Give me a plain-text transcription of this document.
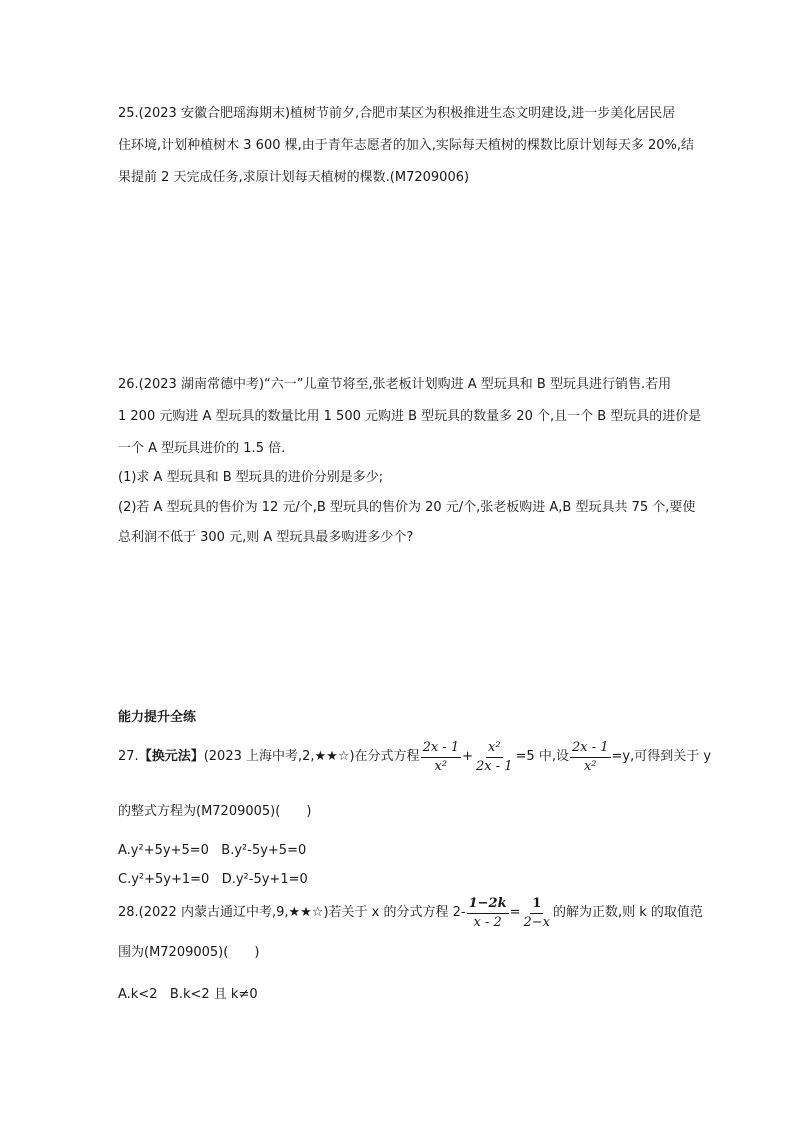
25.(2023 安徽合肥瑶海期末)植树节前夕,合肥市某区为积极推进生态文明建设,进一步美化居民居
住环境,计划种植树木 3 600 棵,由于青年志愿者的加入,实际每天植树的棵数比原计划每天多 20%,结
果提前 2 天完成任务,求原计划每天植树的棵数.(M7209006)
26.(2023 湖南常德中考)“六一”儿童节将至,张老板计划购进 A 型玩具和 B 型玩具进行销售.若用
1 200 元购进 A 型玩具的数量比用 1 500 元购进 B 型玩具的数量多 20 个,且一个 B 型玩具的进价是
一个 A 型玩具进价的 1.5 倍.
(1)求 A 型玩具和 B 型玩具的进价分别是多少;
(2)若 A 型玩具的售价为 12 元/个,B 型玩具的售价为 20 元/个,张老板购进 A,B 型玩具共 75 个,要使
总利润不低于 300 元,则 A 型玩具最多购进多少个?
能力提升全练
27. 【换元法】 (2023 上海中考,2,★★☆)在分式方程 $\frac{2x - 1}{\text{x²}} + \frac{\text{x²}}{2x - 1} =5$ 中,设 $\frac{2x - 1}{\text{x²}} =y$,可得到关于 y
的整式方程为(M7209005)(　　)
A.y²+5y+5=0 B.y²-5y+5=0
C.y²+5y+1=0 D.y²-5y+1=0
28.(2022 内蒙古通辽中考,9,★★☆)若关于 x 的分式方程 $2- \frac{1-2k}{x - 2} = \frac{1}{2-x}$ 的解为正数,则 k 的取值范
围为(M7209005)(　　)
A.k<2 B.k<2 且 k≠0
